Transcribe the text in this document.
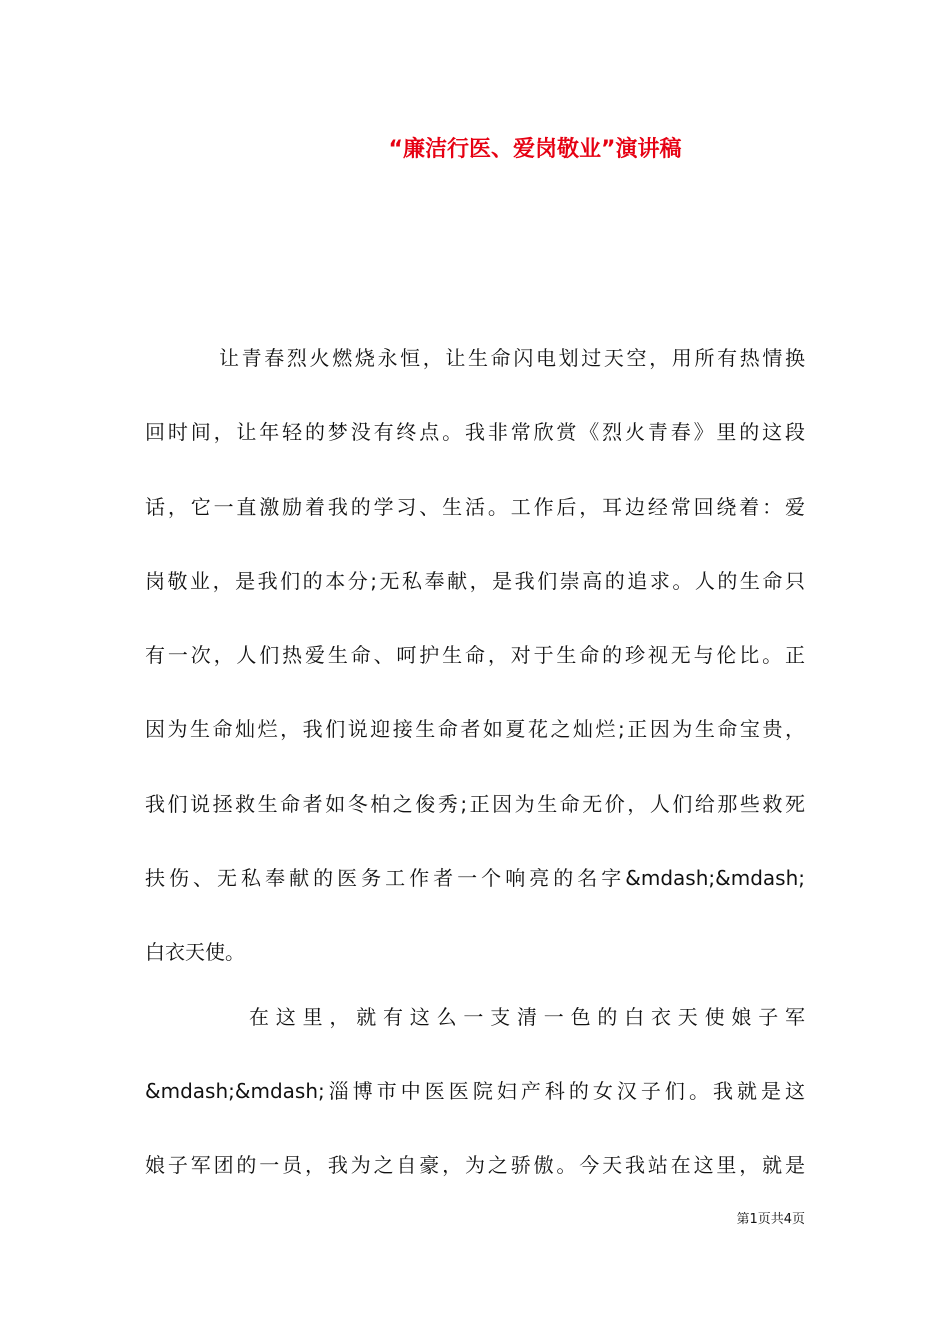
“廉洁行医、爱岗敬业”演讲稿
让青春烈火燃烧永恒，让生命闪电划过天空，用所有热情换
回时间，让年轻的梦没有终点。我非常欣赏《烈火青春》里的这段
话，它一直激励着我的学习、生活。工作后，耳边经常回绕着：爱
岗敬业，是我们的本分;无私奉献，是我们崇高的追求。人的生命只
有一次，人们热爱生命、呵护生命，对于生命的珍视无与伦比。正
因为生命灿烂，我们说迎接生命者如夏花之灿烂;正因为生命宝贵，
我们说拯救生命者如冬柏之俊秀;正因为生命无价，人们给那些救死
扶伤、无私奉献的医务工作者一个响亮的名字&mdash;&mdash;
白衣天使。
在这里，就有这么一支清一色的白衣天使娘子军
&mdash;&mdash;淄博市中医医院妇产科的女汉子们。我就是这
娘子军团的一员，我为之自豪，为之骄傲。今天我站在这里，就是
第1页共4页
